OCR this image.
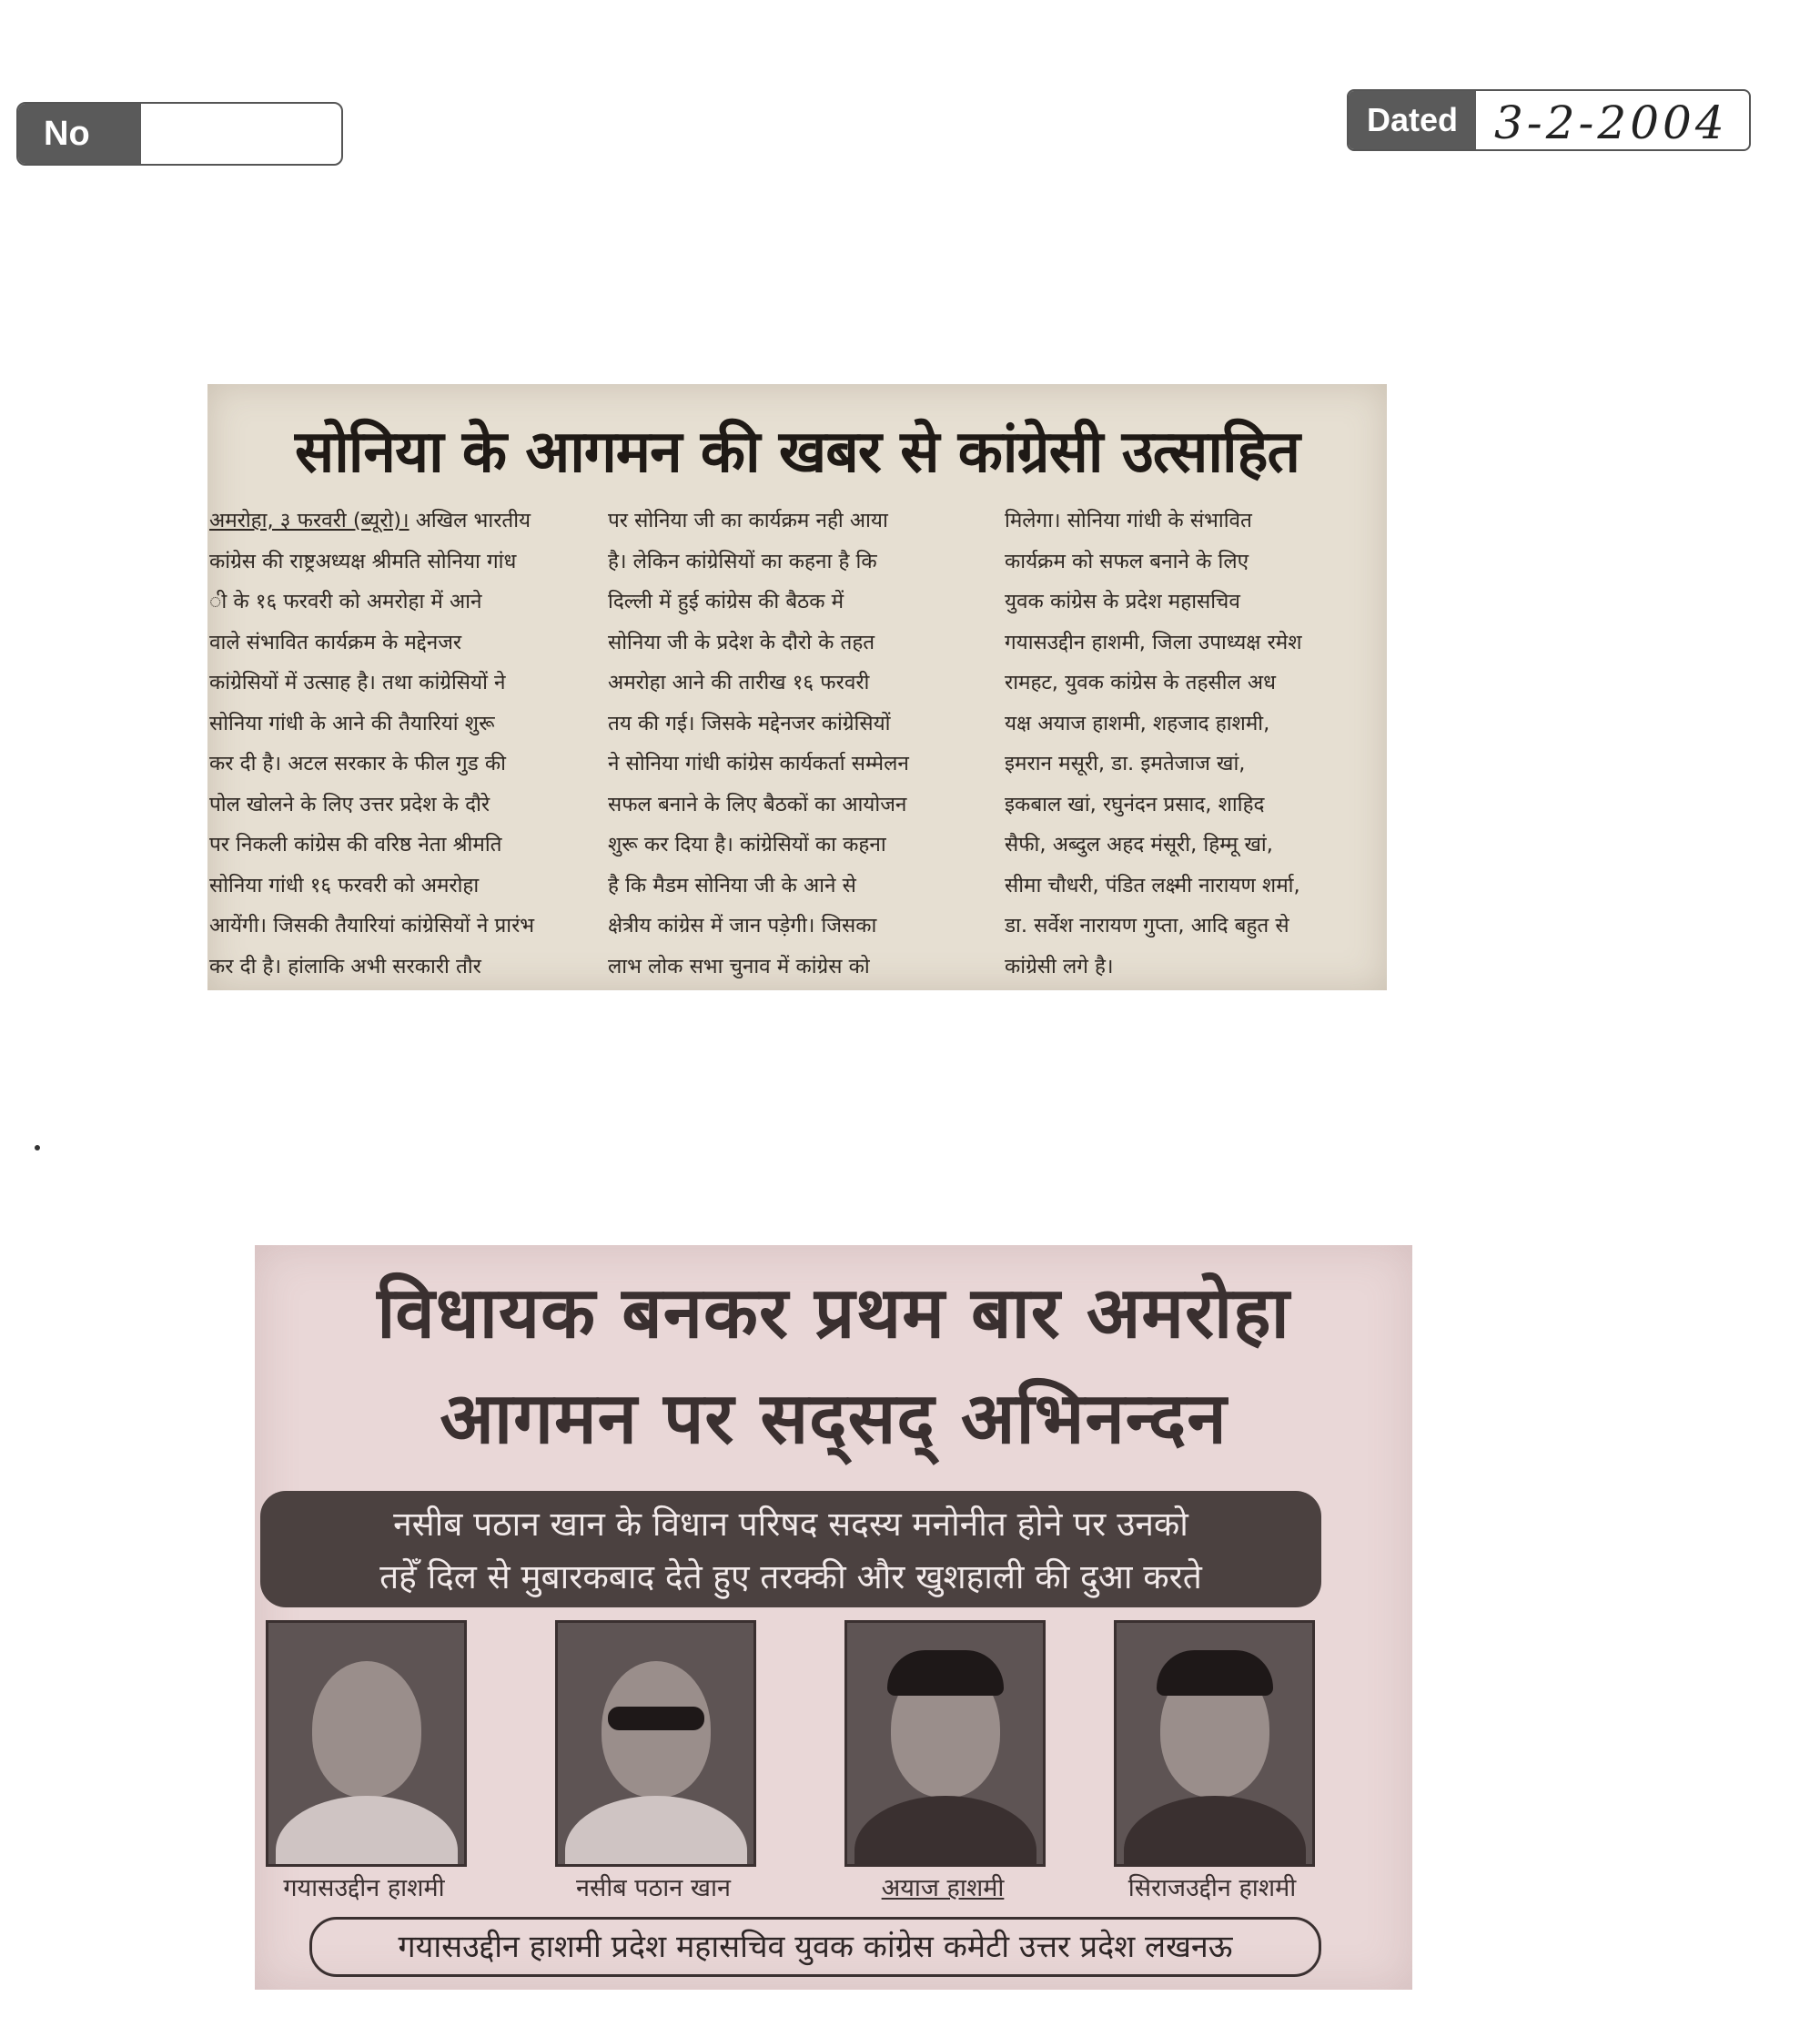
No	Dated 3-2-2004
सोनिया के आगमन की खबर से कांग्रेसी उत्साहित
अमरोहा, ३ फरवरी (ब्यूरो)। अखिल भारतीय
कांग्रेस की राष्ट्रअध्यक्ष श्रीमति सोनिया गांध
ी के १६ फरवरी को अमरोहा में आने
वाले संभावित कार्यक्रम के मद्देनजर
कांग्रेसियों में उत्साह है। तथा कांग्रेसियों ने
सोनिया गांधी के आने की तैयारियां शुरू
कर दी है। अटल सरकार के फील गुड की
पोल खोलने के लिए उत्तर प्रदेश के दौरे
पर निकली कांग्रेस की वरिष्ठ नेता श्रीमति
सोनिया गांधी १६ फरवरी को अमरोहा
आयेंगी। जिसकी तैयारियां कांग्रेसियों ने प्रारंभ
कर दी है। हांलाकि अभी सरकारी तौर
पर सोनिया जी का कार्यक्रम नही आया
है। लेकिन कांग्रेसियों का कहना है कि
दिल्ली में हुई कांग्रेस की बैठक में
सोनिया जी के प्रदेश के दौरो के तहत
अमरोहा आने की तारीख १६ फरवरी
तय की गई। जिसके मद्देनजर कांग्रेसियों
ने सोनिया गांधी कांग्रेस कार्यकर्ता सम्मेलन
सफल बनाने के लिए बैठकों का आयोजन
शुरू कर दिया है। कांग्रेसियों का कहना
है कि मैडम सोनिया जी के आने से
क्षेत्रीय कांग्रेस में जान पड़ेगी। जिसका
लाभ लोक सभा चुनाव में कांग्रेस को
मिलेगा। सोनिया गांधी के संभावित
कार्यक्रम को सफल बनाने के लिए
युवक कांग्रेस के प्रदेश महासचिव
गयासउद्दीन हाशमी, जिला उपाध्यक्ष रमेश
रामहट, युवक कांग्रेस के तहसील अध
यक्ष अयाज हाशमी, शहजाद हाशमी,
इमरान मसूरी, डा. इमतेजाज खां,
इकबाल खां, रघुनंदन प्रसाद, शाहिद
सैफी, अब्दुल अहद मंसूरी, हिम्मू खां,
सीमा चौधरी, पंडित लक्ष्मी नारायण शर्मा,
डा. सर्वेश नारायण गुप्ता, आदि बहुत से
कांग्रेसी लगे है।
विधायक बनकर प्रथम बार अमरोहा
आगमन पर सद्सद् अभिनन्दन
नसीब पठान खान के विधान परिषद सदस्य मनोनीत होने पर उनको
तहेँ दिल से मुबारकबाद देते हुए तरक्की और खुशहाली की दुआ करते
गयासउद्दीन हाशमी	नसीब पठान खान	अयाज हाशमी	सिराजउद्दीन हाशमी
गयासउद्दीन हाशमी प्रदेश महासचिव युवक कांग्रेस कमेटी उत्तर प्रदेश लखनऊ
